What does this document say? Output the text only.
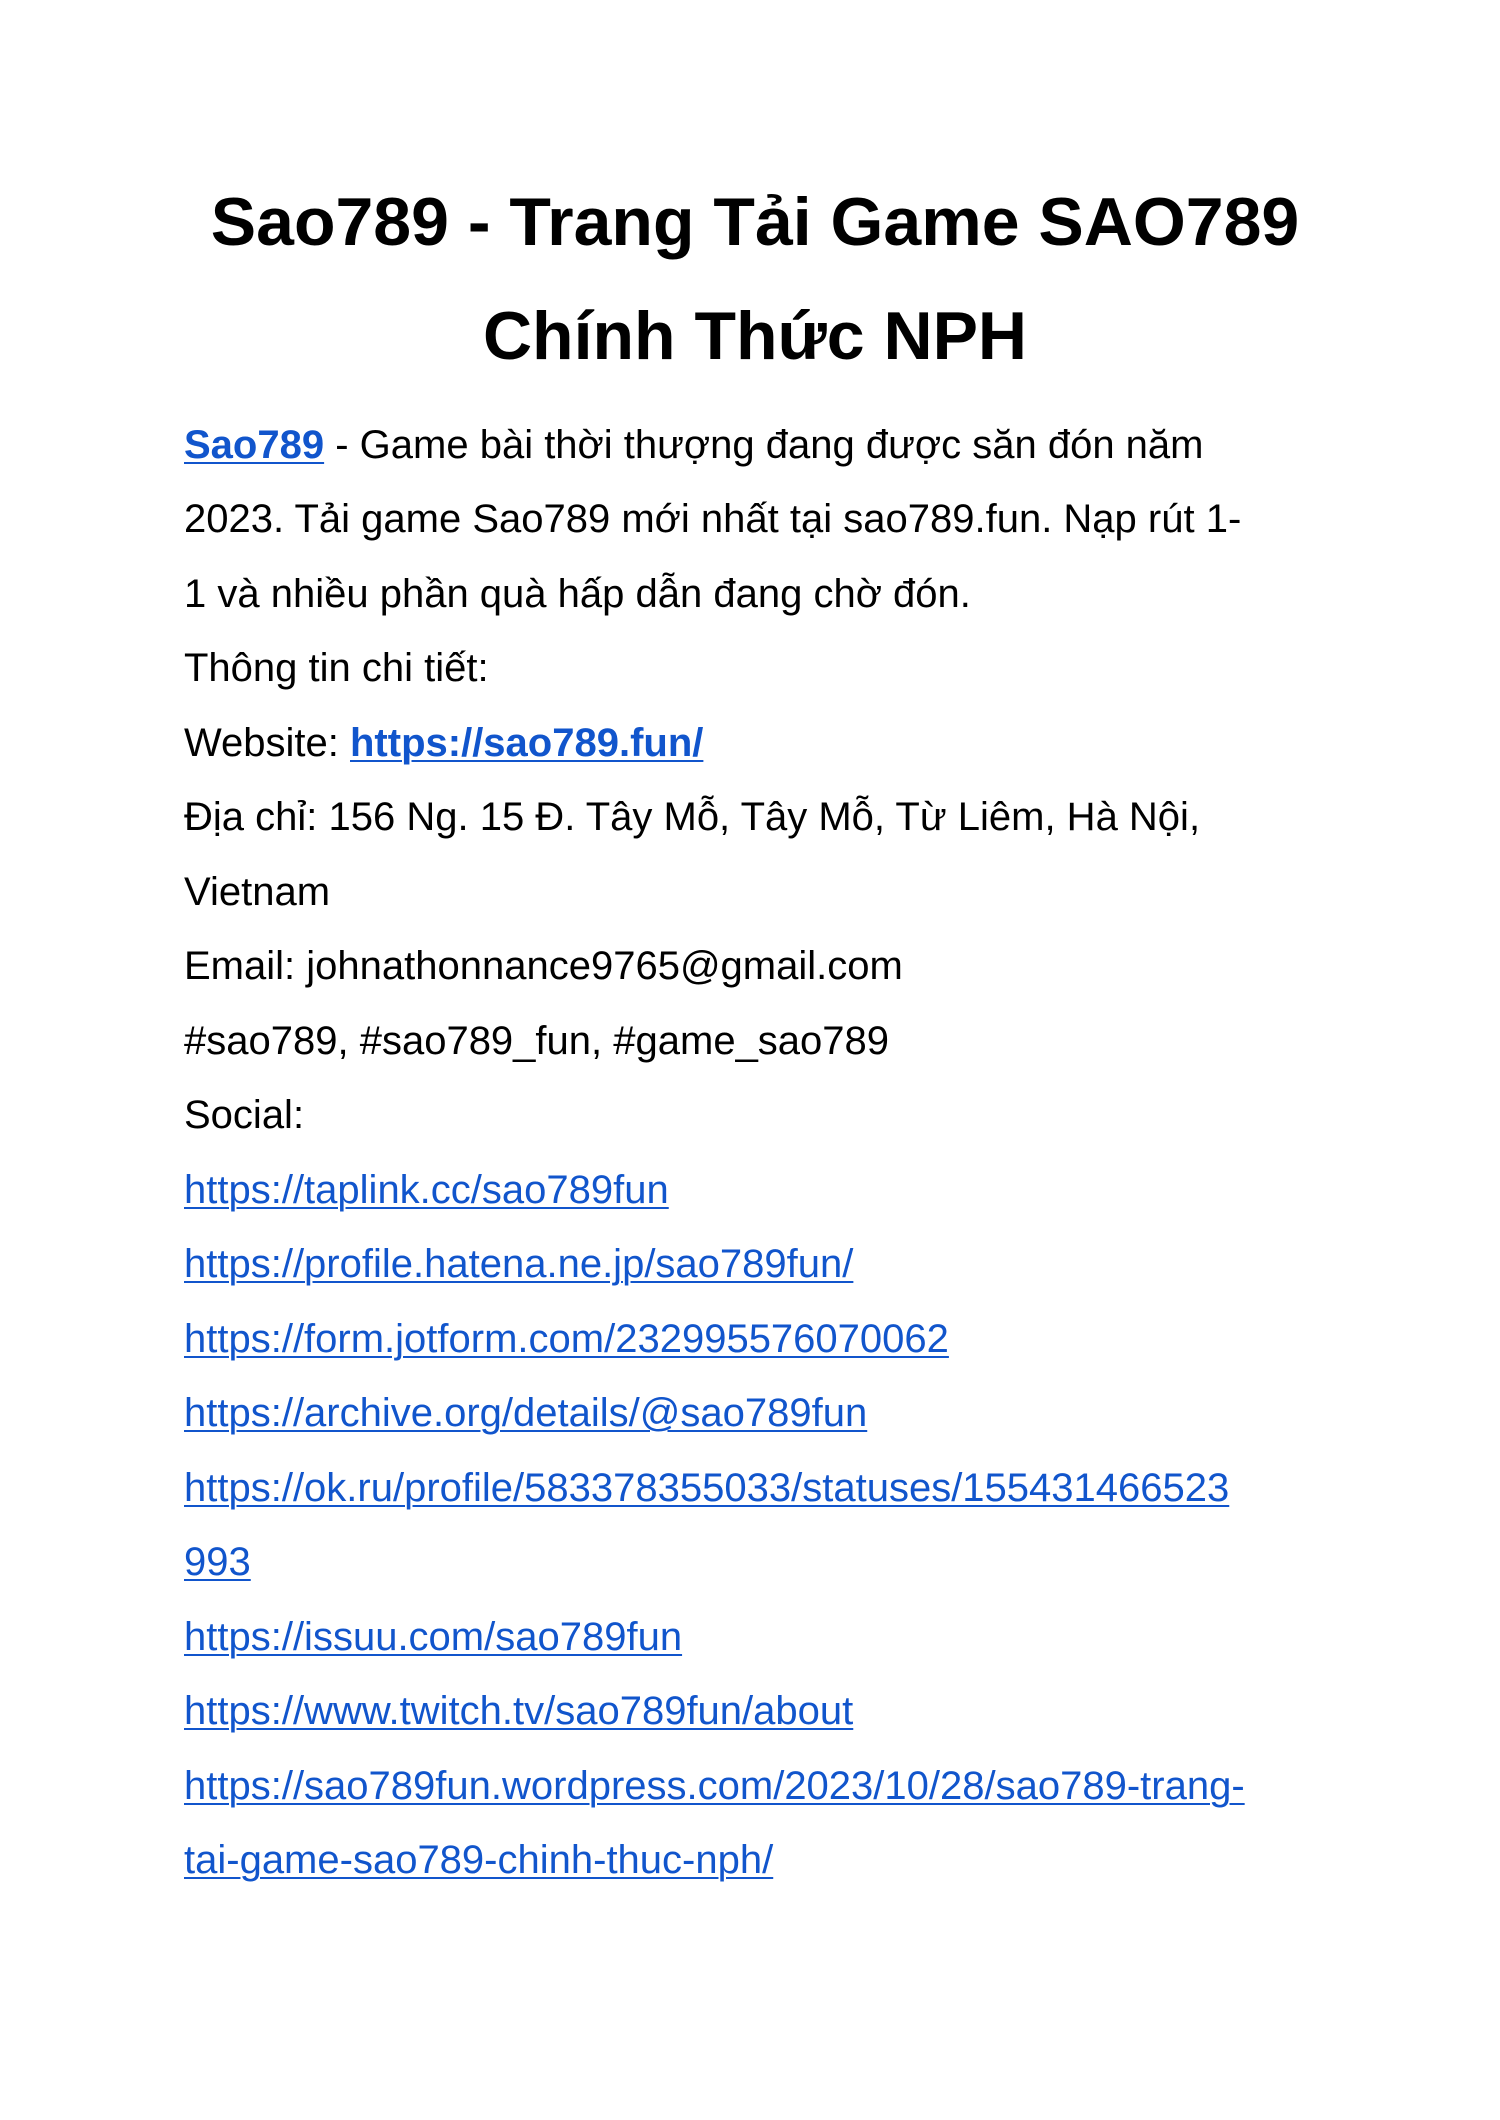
Sao789 - Trang Tải Game SAO789
Chính Thức NPH
Sao789 - Game bài thời thượng đang được săn đón năm
2023. Tải game Sao789 mới nhất tại sao789.fun. Nạp rút 1-
1 và nhiều phần quà hấp dẫn đang chờ đón.
Thông tin chi tiết:
Website: https://sao789.fun/
Địa chỉ: 156 Ng. 15 Đ. Tây Mỗ, Tây Mỗ, Từ Liêm, Hà Nội,
Vietnam
Email: johnathonnance9765@gmail.com
#sao789, #sao789_fun, #game_sao789
Social:
https://taplink.cc/sao789fun
https://profile.hatena.ne.jp/sao789fun/
https://form.jotform.com/232995576070062
https://archive.org/details/@sao789fun
https://ok.ru/profile/583378355033/statuses/155431466523
993
https://issuu.com/sao789fun
https://www.twitch.tv/sao789fun/about
https://sao789fun.wordpress.com/2023/10/28/sao789-trang-
tai-game-sao789-chinh-thuc-nph/
